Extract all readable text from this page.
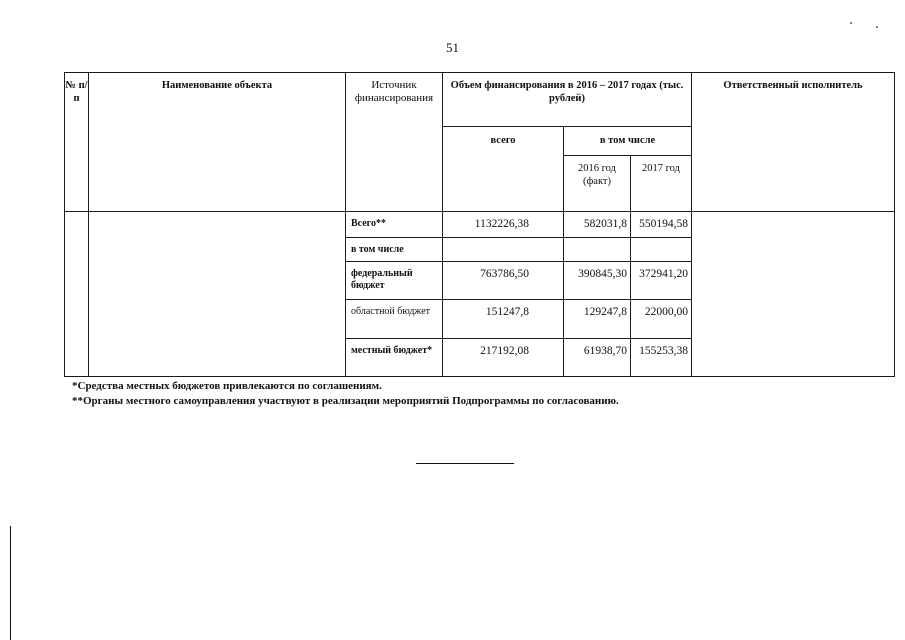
51
№ п/п	Наименование объекта	Источник финансирования	Объем финансирования в 2016 – 2017 годах (тыс. рублей)			Ответственный исполнитель
			всего	в том числе		
				2016 год (факт)	2017 год	
		Всего**	1132226,38	582031,8	550194,58	
		в том числе				
		федеральный бюджет	763786,50	390845,30	372941,20	
		областной бюджет	151247,8	129247,8	22000,00	
		местный бюджет*	217192,08	61938,70	155253,38	
*Средства местных бюджетов привлекаются по соглашениям.
**Органы местного самоуправления участвуют в реализации мероприятий Подпрограммы по согласованию.
